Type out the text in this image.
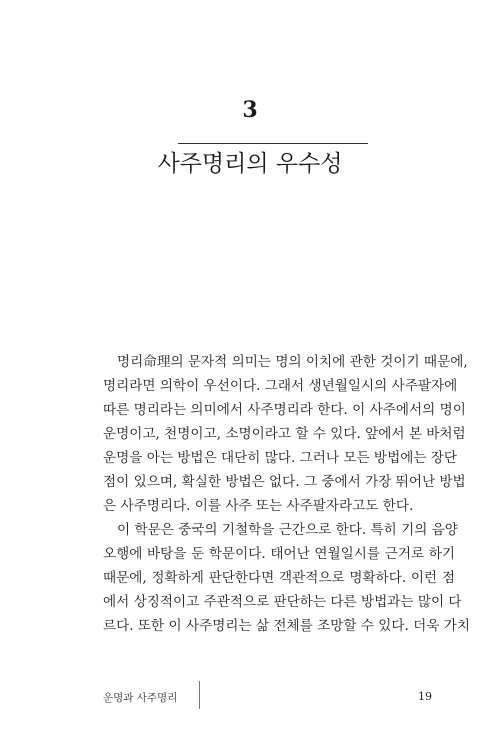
3
사주명리의 우수성
명리命理의 문자적 의미는 명의 이치에 관한 것이기 때문에,
명리라면 의학이 우선이다. 그래서 생년월일시의 사주팔자에
따른 명리라는 의미에서 사주명리라 한다. 이 사주에서의 명이
운명이고, 천명이고, 소명이라고 할 수 있다. 앞에서 본 바처럼
운명을 아는 방법은 대단히 많다. 그러나 모든 방법에는 장단
점이 있으며, 확실한 방법은 없다. 그 중에서 가장 뛰어난 방법
은 사주명리다. 이를 사주 또는 사주팔자라고도 한다.
이 학문은 중국의 기철학을 근간으로 한다. 특히 기의 음양
오행에 바탕을 둔 학문이다. 태어난 연월일시를 근거로 하기
때문에, 정확하게 판단한다면 객관적으로 명확하다. 이런 점
에서 상징적이고 주관적으로 판단하는 다른 방법과는 많이 다
르다. 또한 이 사주명리는 삶 전체를 조망할 수 있다. 더욱 가치
운명과 사주명리	19
